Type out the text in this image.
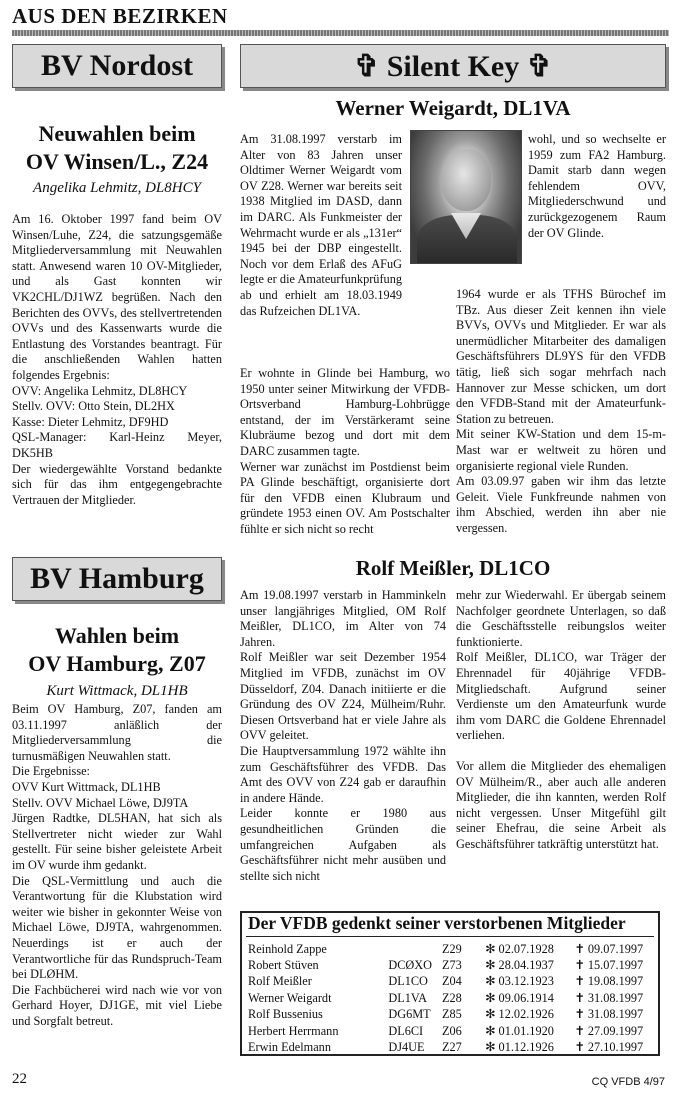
AUS DEN BEZIRKEN
BV Nordost
Neuwahlen beim
OV Winsen/L., Z24
Angelika Lehmitz, DL8HCY

Am 16. Oktober 1997 fand beim OV Winsen/Luhe, Z24, die satzungsgemäße Mitgliederversammlung mit Neuwahlen statt. Anwesend waren 10 OV-Mitglieder, und als Gast konnten wir VK2CHL/DJ1WZ begrüßen. Nach den Berichten des OVVs, des stellvertretenden OVVs und des Kassenwarts wurde die Entlastung des Vorstandes beantragt. Für die anschließenden Wahlen hatten folgendes Ergebnis:

OVV: Angelika Lehmitz, DL8HCY

Stellv. OVV: Otto Stein, DL2HX

Kasse: Dieter Lehmitz, DF9HD

QSL-Manager: Karl-Heinz Meyer, DK5HB

Der wiedergewählte Vorstand bedankte sich für das ihm entgegengebrachte Vertrauen der Mitglieder.

BV Hamburg
Wahlen beim
OV Hamburg, Z07
Kurt Wittmack, DL1HB

Beim OV Hamburg, Z07, fanden am 03.11.1997 anläßlich der Mitgliederversammlung die turnusmäßigen Neuwahlen statt.

Die Ergebnisse:

OVV Kurt Wittmack, DL1HB

Stellv. OVV Michael Löwe, DJ9TA

Jürgen Radtke, DL5HAN, hat sich als Stellvertreter nicht wieder zur Wahl gestellt. Für seine bisher geleistete Arbeit im OV wurde ihm gedankt.

Die QSL-Vermittlung und auch die Verantwortung für die Klubstation wird weiter wie bisher in gekonnter Weise von Michael Löwe, DJ9TA, wahrgenommen. Neuerdings ist er auch der Verantwortliche für das Rundspruch-Team bei DLØHM.

Die Fachbücherei wird nach wie vor von Gerhard Hoyer, DJ1GE, mit viel Liebe und Sorgfalt betreut.

✞ Silent Key ✞
Werner Weigardt, DL1VA

Am 31.08.1997 verstarb im Alter von 83 Jahren unser Oldtimer Werner Weigardt vom OV Z28. Werner war bereits seit 1938 Mitglied im DASD, dann im DARC. Als Funkmeister der Wehrmacht wurde er als „131er“ 1945 bei der DBP eingestellt. Noch vor dem Erlaß des AFuG legte er die Amateurfunkprüfung ab und erhielt am 18.03.1949 das Rufzeichen DL1VA.

Er wohnte in Glinde bei Hamburg, wo 1950 unter seiner Mitwirkung der VFDB-Ortsverband Hamburg-Lohbrügge entstand, der im Verstärkeramt seine Klubräume bezog und dort mit dem DARC zusammen tagte.

Werner war zunächst im Postdienst beim PA Glinde beschäftigt, organisierte dort für den VFDB einen Klubraum und gründete 1953 einen OV. Am Postschalter fühlte er sich nicht so recht

wohl, und so wechselte er 1959 zum FA2 Hamburg. Damit starb dann wegen fehlendem OVV, Mitgliederschwund und zurückgezogenem Raum der OV Glinde.

1964 wurde er als TFHS Bürochef im TBz. Aus dieser Zeit kennen ihn viele BVVs, OVVs und Mitglieder. Er war als unermüdlicher Mitarbeiter des damaligen Geschäftsführers DL9YS für den VFDB tätig, ließ sich sogar mehrfach nach Hannover zur Messe schicken, um dort den VFDB-Stand mit der Amateurfunk-Station zu betreuen.

Mit seiner KW-Station und dem 15-m-Mast war er weltweit zu hören und organisierte regional viele Runden.

Am 03.09.97 gaben wir ihm das letzte Geleit. Viele Funkfreunde nahmen von ihm Abschied, werden ihn aber nie vergessen.

Rolf Meißler, DL1CO

Am 19.08.1997 verstarb in Hamminkeln unser langjähriges Mitglied, OM Rolf Meißler, DL1CO, im Alter von 74 Jahren.

Rolf Meißler war seit Dezember 1954 Mitglied im VFDB, zunächst im OV Düsseldorf, Z04. Danach initiierte er die Gründung des OV Z24, Mülheim/Ruhr. Diesen Ortsverband hat er viele Jahre als OVV geleitet.

Die Hauptversammlung 1972 wählte ihn zum Geschäftsführer des VFDB. Das Amt des OVV von Z24 gab er daraufhin in andere Hände.

Leider konnte er 1980 aus gesundheitlichen Gründen die umfangreichen Aufgaben als Geschäftsführer nicht mehr ausüben und stellte sich nicht

mehr zur Wiederwahl. Er übergab seinem Nachfolger geordnete Unterlagen, so daß die Geschäftsstelle reibungslos weiter funktionierte.

Rolf Meißler, DL1CO, war Träger der Ehrennadel für 40jährige VFDB-Mitgliedschaft. Aufgrund seiner Verdienste um den Amateurfunk wurde ihm vom DARC die Goldene Ehrennadel verliehen.

Vor allem die Mitglieder des ehemaligen OV Mülheim/R., aber auch alle anderen Mitglieder, die ihn kannten, werden Rolf nicht vergessen. Unser Mitgefühl gilt seiner Ehefrau, die seine Arbeit als Geschäftsführer tatkräftig unterstützt hat.

Der VFDB gedenkt seiner verstorbenen Mitglieder
Reinhold Zappe		Z29	✻ 02.07.1928	✝ 09.07.1997
Robert Stüven	DCØXO	Z73	✻ 28.04.1937	✝ 15.07.1997
Rolf Meißler	DL1CO	Z04	✻ 03.12.1923	✝ 19.08.1997
Werner Weigardt	DL1VA	Z28	✻ 09.06.1914	✝ 31.08.1997
Rolf Bussenius	DG6MT	Z85	✻ 12.02.1926	✝ 31.08.1997
Herbert Herrmann	DL6CI	Z06	✻ 01.01.1920	✝ 27.09.1997
Erwin Edelmann	DJ4UE	Z27	✻ 01.12.1926	✝ 27.10.1997
22	CQ VFDB 4/97
